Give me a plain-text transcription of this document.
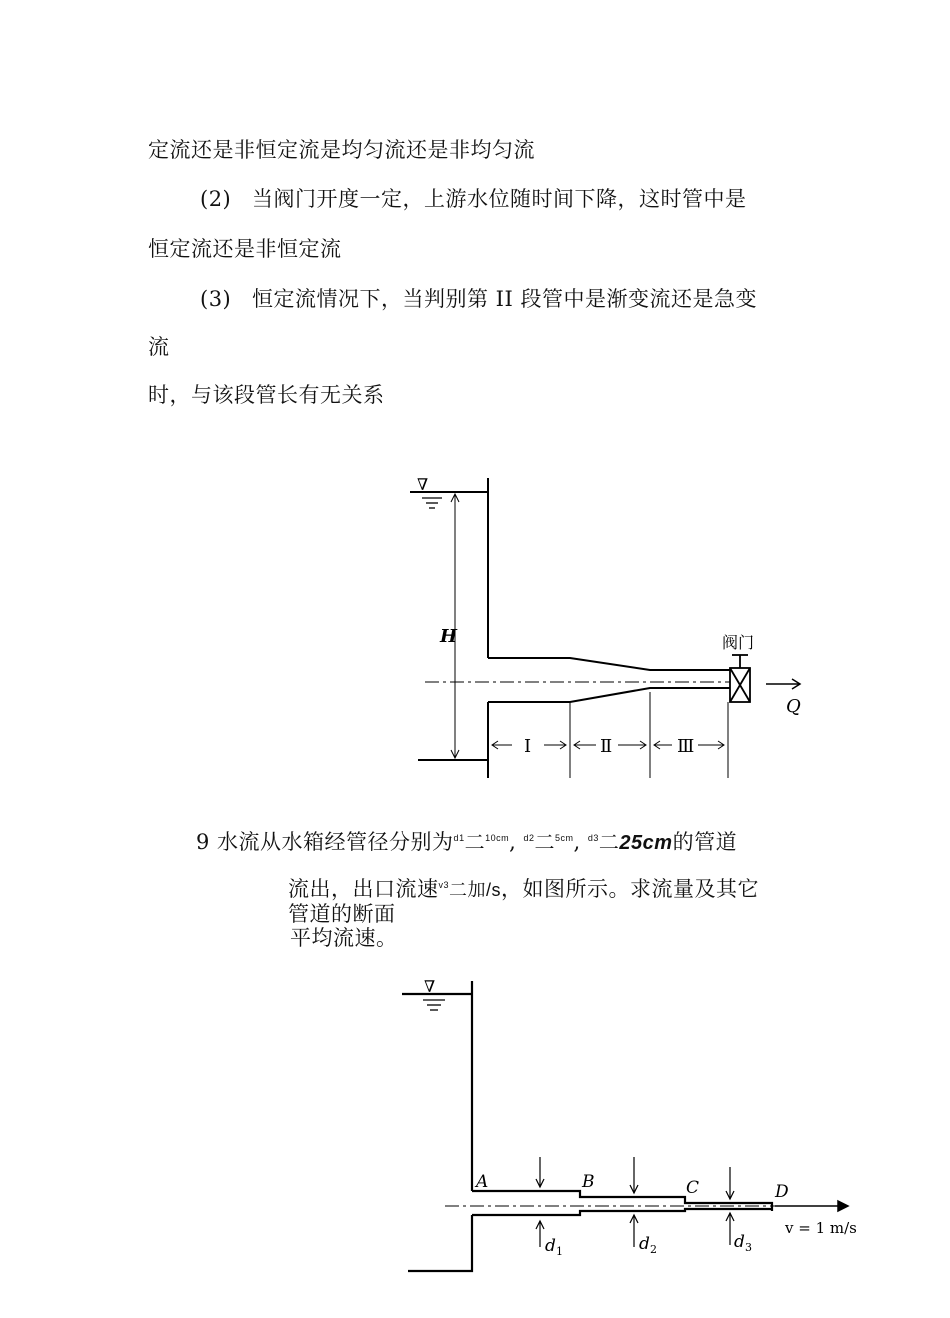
定流还是非恒定流是均匀流还是非均匀流
(2) 当阀门开度一定，上游水位随时间下降，这时管中是
恒定流还是非恒定流
(3) 恒定流情况下，当判别第 II 段管中是渐变流还是急变
流
时，与该段管长有无关系
∇
H	阀门
Q
I	Ⅱ	Ⅲ
9 水流从水箱经管径分别为$^{d1}$二$^{10cm}$, $^{d2}$二$^{5cm}$, $^{d3}$二25cm的管道
流出，出口流速$^{v3}$二加/s，如图所示。求流量及其它
管道的断面
平均流速。
∇
A	B	C	D
d 1	d 2	d 3
v = 1 m/s
